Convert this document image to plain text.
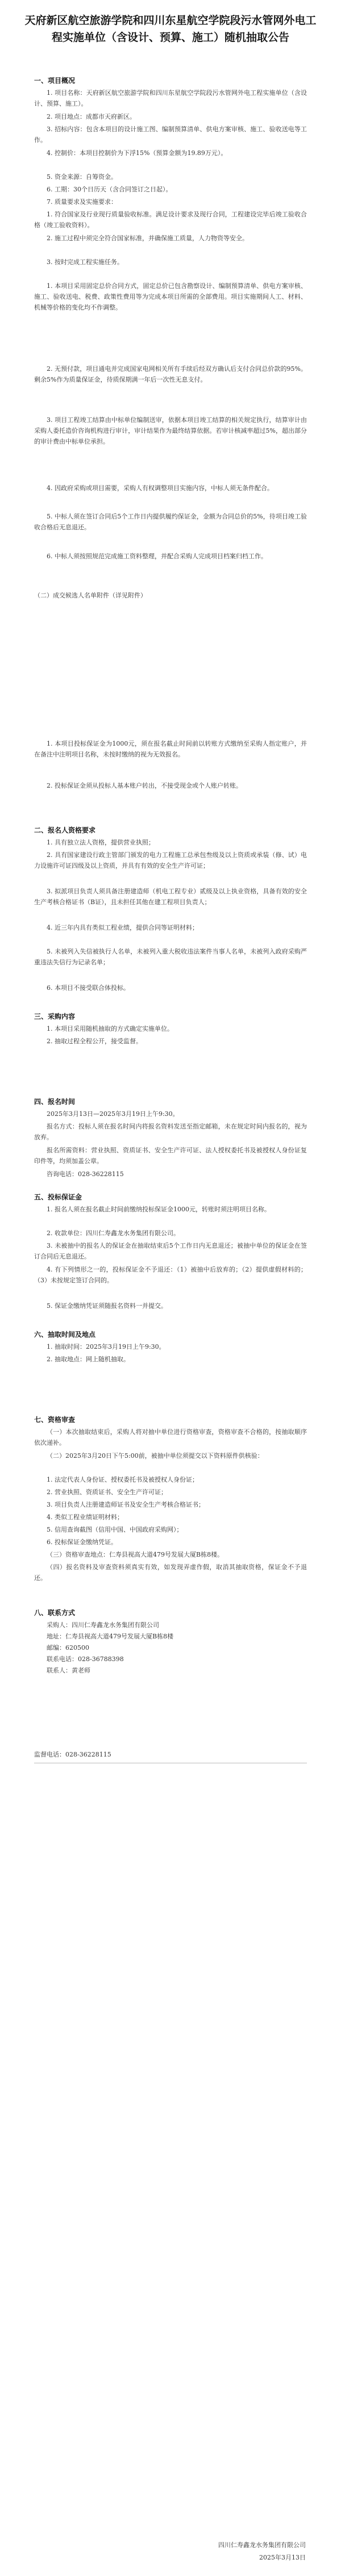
天府新区航空旅游学院和四川东星航空学院段污水管网外电工程实施单位（含设计、预算、施工）随机抽取公告
一、项目概况
1. 项目名称：天府新区航空旅游学院和四川东星航空学院段污水管网外电工程实施单位（含设计、预算、施工）。
2. 项目地点：成都市天府新区。
3. 招标内容：包含本项目的设计施工图、编制预算清单、供电方案审核、施工、验收送电等工作。
4. 控制价：本项目控制价为下浮15%（预算金额为19.89万元）。
5. 资金来源：自筹资金。
6. 工期：30个日历天（含合同签订之日起）。
7. 质量要求及实施要求：
1. 符合国家及行业现行质量验收标准。满足设计要求及现行合同，工程建设完毕后竣工验收合格（竣工验收资料）。
2. 施工过程中须完全符合国家标准，并确保施工质量，人力物资等安全。
3. 按时完成工程实施任务。
1. 本项目采用固定总价合同方式，固定总价已包含勘察设计、编制预算清单、供电方案审核、施工、验收送电、税费、政策性费用等为完成本项目所需的全部费用。项目实施期间人工、材料、机械等价格的变化均不作调整。
2. 无预付款，项目通电并完成国家电网相关所有手续后经双方确认后支付合同总价款的95%。剩余5%作为质量保证金，待质保期满一年后一次性无息支付。
3. 项目工程竣工结算由中标单位编制送审，依据本项目竣工结算的相关规定执行，结算审计由采购人委托造价咨询机构进行审计，审计结果作为最终结算依据。若审计核减率超过5%，超出部分的审计费由中标单位承担。
4. 因政府采购或项目需要，采购人有权调整项目实施内容，中标人须无条件配合。
5. 中标人须在签订合同后5个工作日内提供履约保证金，金额为合同总价的5%，待项目竣工验收合格后无息退还。
6. 中标人须按照规范完成施工资料整理，并配合采购人完成项目档案归档工作。
（二）成交候选人名单附件（详见附件）
1. 本项目投标保证金为1000元，须在报名截止时间前以转账方式缴纳至采购人指定账户，并在备注中注明项目名称，未按时缴纳的视为无效报名。
2. 投标保证金须从投标人基本账户转出，不接受现金或个人账户转账。
二、报名人资格要求
1. 具有独立法人资格，提供营业执照；
2. 具有国家建设行政主管部门颁发的电力工程施工总承包叁级及以上资质或承装（修、试）电力设施许可证四级及以上资质，并具有有效的安全生产许可证；
3. 拟派项目负责人须具备注册建造师（机电工程专业）贰级及以上执业资格，具备有效的安全生产考核合格证书（B证），且未担任其他在建工程项目负责人；
4. 近三年内具有类似工程业绩，提供合同等证明材料；
5. 未被列入失信被执行人名单，未被列入重大税收违法案件当事人名单，未被列入政府采购严重违法失信行为记录名单；
6. 本项目不接受联合体投标。
三、采购内容
1. 本项目采用随机抽取的方式确定实施单位。
2. 抽取过程全程公开，接受监督。
四、报名时间
2025年3月13日—2025年3月19日上午9:30。
报名方式：投标人须在报名时间内将报名资料发送至指定邮箱，未在规定时间内报名的，视为放弃。
报名所需资料：营业执照、资质证书、安全生产许可证、法人授权委托书及被授权人身份证复印件等，均须加盖公章。
咨询电话：028-36228115
五、投标保证金
1. 报名人须在报名截止时间前缴纳投标保证金1000元，转账时须注明项目名称。
2. 收款单位：四川仁寿鑫龙水务集团有限公司。
3. 未被抽中的报名人的保证金在抽取结束后5个工作日内无息退还；被抽中单位的保证金在签订合同后无息退还。
4. 有下列情形之一的，投标保证金不予退还：（1）被抽中后放弃的；（2）提供虚假材料的；（3）未按规定签订合同的。
5. 保证金缴纳凭证须随报名资料一并提交。
六、抽取时间及地点
1. 抽取时间：2025年3月19日上午9:30。
2. 抽取地点：网上随机抽取。
七、资格审查
（一）本次抽取结束后，采购人将对抽中单位进行资格审查，资格审查不合格的，按抽取顺序依次递补。
（二）2025年3月20日下午5:00前，被抽中单位须提交以下资料原件供核验：
1. 法定代表人身份证、授权委托书及被授权人身份证；
2. 营业执照、资质证书、安全生产许可证；
3. 项目负责人注册建造师证书及安全生产考核合格证书；
4. 类似工程业绩证明材料；
5. 信用查询截图（信用中国、中国政府采购网）；
6. 投标保证金缴纳凭证。
（三）资格审查地点：仁寿县视高大道479号发展大厦B栋8楼。
（四）报名资料及审查资料须真实有效，如发现弄虚作假，取消其抽取资格，保证金不予退还。
八、联系方式
采购人：四川仁寿鑫龙水务集团有限公司
地址：仁寿县视高大道479号发展大厦B栋8楼
邮编：620500
联系电话：028-36788398
联系人：黄老师
监督电话：028-36228115
四川仁寿鑫龙水务集团有限公司
2025年3月13日
